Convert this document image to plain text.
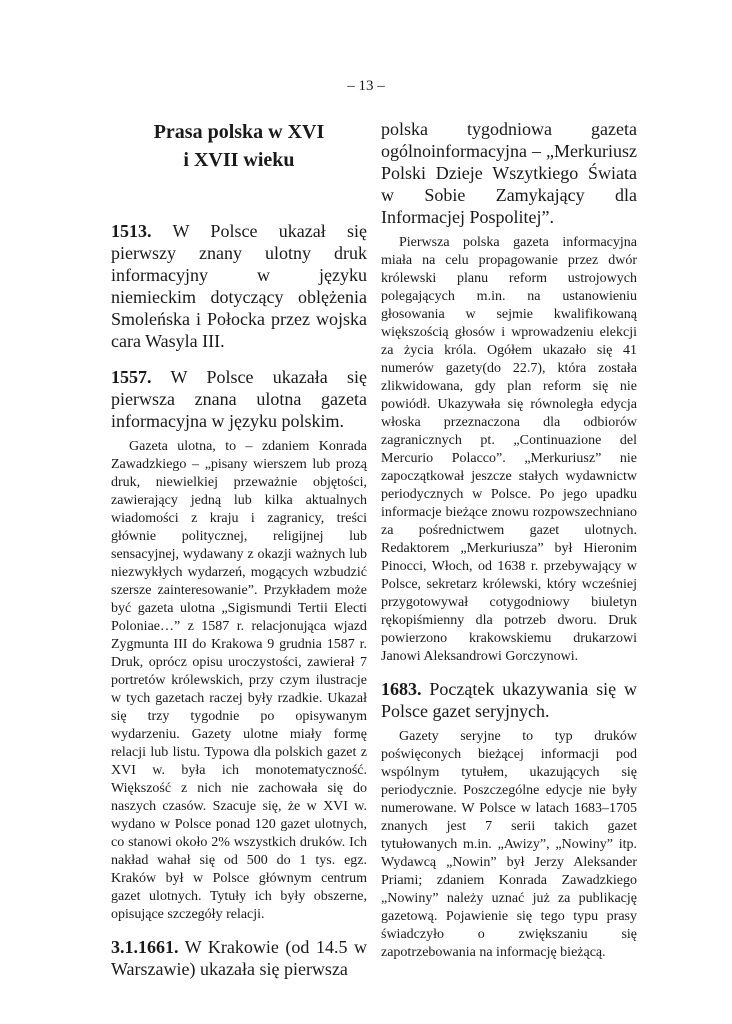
– 13 –
Prasa polska w XVI
i XVII wieku

1513. W Polsce ukazał się pierwszy znany ulotny druk informacyjny w języku niemieckim dotyczący oblężenia Smoleńska i Połocka przez wojska cara Wasyla III.

1557. W Polsce ukazała się pierwsza znana ulotna gazeta informacyjna w języku polskim.

Gazeta ulotna, to – zdaniem Konrada Zawadzkiego – „pisany wierszem lub prozą druk, niewielkiej przeważnie objętości, zawierający jedną lub kilka aktualnych wiadomości z kraju i zagranicy, treści głównie politycznej, religijnej lub sensacyjnej, wydawany z okazji ważnych lub niezwykłych wydarzeń, mogących wzbudzić szersze zainteresowanie”. Przykładem może być gazeta ulotna „Sigismundi Tertii Electi Poloniae…” z 1587 r. relacjonująca wjazd Zygmunta III do Krakowa 9 grudnia 1587 r. Druk, oprócz opisu uroczystości, zawierał 7 portretów królewskich, przy czym ilustracje w tych gazetach raczej były rzadkie. Ukazał się trzy tygodnie po opisywanym wydarzeniu. Gazety ulotne miały formę relacji lub listu. Typowa dla polskich gazet z XVI w. była ich monotematyczność. Większość z nich nie zachowała się do naszych czasów. Szacuje się, że w XVI w. wydano w Polsce ponad 120 gazet ulotnych, co stanowi około 2% wszystkich druków. Ich nakład wahał się od 500 do 1 tys. egz. Kraków był w Polsce głównym centrum gazet ulotnych. Tytuły ich były obszerne, opisujące szczegóły relacji.

3.1.1661. W Krakowie (od 14.5 w Warszawie) ukazała się pierwsza

polska tygodniowa gazeta ogólnoinformacyjna – „Merkuriusz Polski Dzieje Wszytkiego Świata w Sobie Zamykający dla Informacjej Pospolitej”.

Pierwsza polska gazeta informacyjna miała na celu propagowanie przez dwór królewski planu reform ustrojowych polegających m.in. na ustanowieniu głosowania w sejmie kwalifikowaną większością głosów i wprowadzeniu elekcji za życia króla. Ogółem ukazało się 41 numerów gazety(do 22.7), która została zlikwidowana, gdy plan reform się nie powiódł. Ukazywała się równoległa edycja włoska przeznaczona dla odbiorów zagranicznych pt. „Continuazione del Mercurio Polacco”. „Merkuriusz” nie zapoczątkował jeszcze stałych wydawnictw periodycznych w Polsce. Po jego upadku informacje bieżące znowu rozpowszechniano za pośrednictwem gazet ulotnych. Redaktorem „Merkuriusza” był Hieronim Pinocci, Włoch, od 1638 r. przebywający w Polsce, sekretarz królewski, który wcześniej przygotowywał cotygodniowy biuletyn rękopiśmienny dla potrzeb dworu. Druk powierzono krakowskiemu drukarzowi Janowi Aleksandrowi Gorczynowi.

1683. Początek ukazywania się w Polsce gazet seryjnych.

Gazety seryjne to typ druków poświęconych bieżącej informacji pod wspólnym tytułem, ukazujących się periodycznie. Poszczególne edycje nie były numerowane. W Polsce w latach 1683–1705 znanych jest 7 serii takich gazet tytułowanych m.in. „Awizy”, „Nowiny” itp. Wydawcą „Nowin” był Jerzy Aleksander Priami; zdaniem Konrada Zawadzkiego „Nowiny” należy uznać już za publikację gazetową. Pojawienie się tego typu prasy świadczyło o zwiększaniu się zapotrzebowania na informację bieżącą.
